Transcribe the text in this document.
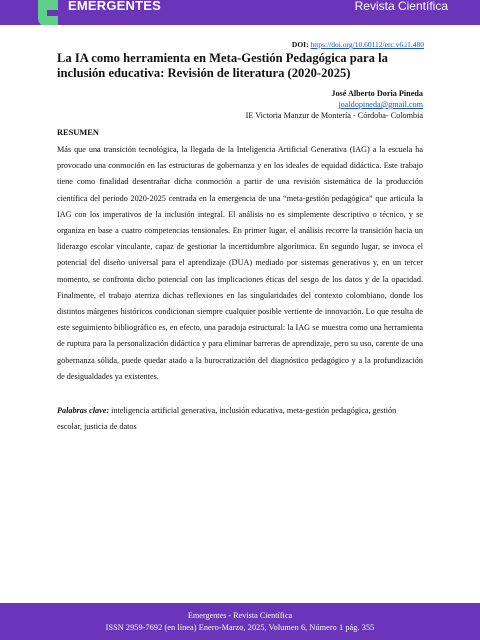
EMERGENTES	Revista Científica
DOI: https://doi.org/10.60112/erc.v6.i1.480
La IA como herramienta en Meta-Gestión Pedagógica para la inclusión educativa: Revisión de literatura (2020-2025)
José Alberto Doria Pineda
joaldopineda@gmail.com
IE Victoria Manzur de Montería - Córdoba- Colombia
RESUMEN
Más que una transición tecnológica, la llegada de la Inteligencia Artificial Generativa (IAG) a la escuela ha provocado una conmoción en las estructuras de gobernanza y en los ideales de equidad didáctica. Este trabajo tiene como finalidad desentrañar dicha conmoción a partir de una revisión sistemática de la producción científica del periodo 2020-2025 centrada en la emergencia de una “meta-gestión pedagógica” que articula la IAG con los imperativos de la inclusión integral. El análisis no es simplemente descriptivo o técnico, y se organiza en base a cuatro competencias tensionales. En primer lugar, el análisis recorre la transición hacia un liderazgo escolar vinculante, capaz de gestionar la incertidumbre algorítmica. En segundo lugar, se invoca el potencial del diseño universal para el aprendizaje (DUA) mediado por sistemas generativos y, en un tercer momento, se confronta dicho potencial con las implicaciones éticas del sesgo de los datos y de la opacidad. Finalmente, el trabajo aterriza dichas reflexiones en las singularidades del contexto colombiano, donde los distintos márgenes históricos condicionan siempre cualquier posible vertiente de innovación. Lo que resulta de este seguimiento bibliográfico es, en efecto, una paradoja estructural: la IAG se muestra como una herramienta de ruptura para la personalización didáctica y para eliminar barreras de aprendizaje, pero su uso, carente de una gobernanza sólida, puede quedar atado a la burocratización del diagnóstico pedagógico y a la profundización de desigualdades ya existentes.
Palabras clave: inteligencia artificial generativa, inclusión educativa, meta-gestión pedagógica, gestión escolar, justicia de datos
Emergentes - Revista Científica
ISSN 2959-7692 (en línea) Enero-Marzo, 2025, Volumen 6, Número 1 pág. 355
